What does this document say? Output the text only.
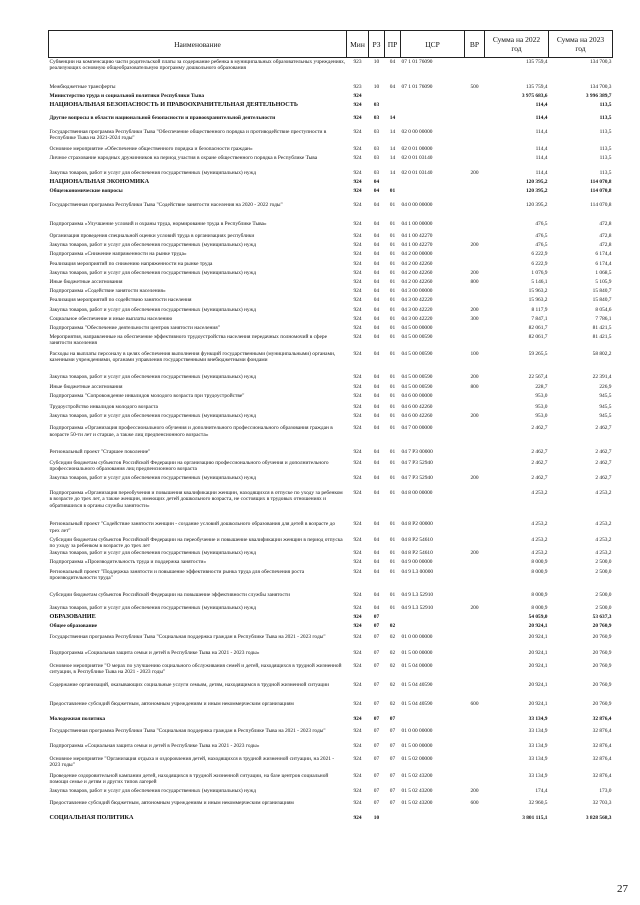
Наименование	Мин	РЗ	ПР	ЦСР	ВР	Сумма на 2022 год	Сумма на 2023 год
Субвенции на компенсацию части родительской платы за содержание ребенка в муниципальных образовательных учреждениях, реализующих основную общеобразовательную программу дошкольного образования	923	10	04	07 1 01 76090		135 759,4	134 700,3
Межбюджетные трансферты	923	10	04	07 1 01 76090	500	135 759,4	134 700,3
Министерство труда и социальной политики Республики Тыва	924					3 975 683,6	3 996 389,7
НАЦИОНАЛЬНАЯ БЕЗОПАСНОСТЬ И ПРАВООХРАНИТЕЛЬНАЯ ДЕЯТЕЛЬНОСТЬ	924	03				114,4	113,5
Другие вопросы в области национальной безопасности и правоохранительной деятельности	924	03	14			114,4	113,5
Государственная программа Республики Тыва "Обеспечение общественного порядка и противодействие преступности в Республике Тыва на 2021-2024 годы"	924	03	14	02 0 00 00000		114,4	113,5
Основное мероприятие «Обеспечение общественного порядка и безопасности граждан»	924	03	14	02 0 01 00000		114,4	113,5
Личное страхование народных дружинников на период участия в охране общественного порядка в Республике Тыва	924	03	14	02 0 01 03140		114,4	113,5
Закупка товаров, работ и услуг для обеспечения государственных (муниципальных) нужд	924	03	14	02 0 01 03140	200	114,4	113,5
НАЦИОНАЛЬНАЯ ЭКОНОМИКА	924	04				120 395,2	114 070,8
Общеэкономические вопросы	924	04	01			120 395,2	114 070,8
Государственная программа Республики Тыва "Содействие занятости населения на 2020 - 2022 годы"	924	04	01	04 0 00 00000		120 395,2	114 070,8
Подпрограмма «Улучшение условий и охраны труда, нормирование труда в Республике Тыва»	924	04	01	04 1 00 00000		476,5	472,8
Организация проведения специальной оценки условий труда в организациях республики	924	04	01	04 1 00 42270		476,5	472,8
Закупка товаров, работ и услуг для обеспечения государственных (муниципальных) нужд	924	04	01	04 1 00 42270	200	476,5	472,8
Подпрограмма «Снижение напряженности на рынке труда»	924	04	01	04 2 00 00000		6 222,9	6 174,4
Реализация мероприятий по снижению напряженности на рынке труда	924	04	01	04 2 00 42260		6 222,9	6 174,4
Закупка товаров, работ и услуг для обеспечения государственных (муниципальных) нужд	924	04	01	04 2 00 42260	200	1 076,9	1 068,5
Иные бюджетные ассигнования	924	04	01	04 2 00 42260	800	5 146,1	5 105,9
Подпрограмма «Содействие занятости населения»	924	04	01	04 3 00 00000		15 963,2	15 840,7
Реализация мероприятий по содействию занятости населения	924	04	01	04 3 00 42220		15 963,2	15 840,7
Закупка товаров, работ и услуг для обеспечения государственных (муниципальных) нужд	924	04	01	04 3 00 42220	200	8 117,9	8 054,6
Социальное обеспечение и иные выплаты населению	924	04	01	04 3 00 42220	300	7 847,1	7 786,1
Подпрограмма "Обеспечение деятельности центров занятости населения"	924	04	01	04 5 00 00000		82 061,7	81 421,5
Мероприятия, направленные на обеспечение эффективного трудоустройства населения передачных полномочий в сфере занятости населения	924	04	01	04 5 00 00590		82 061,7	81 421,5
Расходы на выплаты персоналу в целях обеспечения выполнения функций государственными (муниципальными) органами, казенными учреждениями, органами управления государственными внебюджетными фондами	924	04	01	04 5 00 00590	100	59 265,5	58 802,2
Закупка товаров, работ и услуг для обеспечения государственных (муниципальных) нужд	924	04	01	04 5 00 00590	200	22 567,4	22 391,4
Иные бюджетные ассигнования	924	04	01	04 5 00 00590	800	228,7	226,9
Подпрограмма "Сопровождение инвалидов молодого возраста при трудоустройстве"	924	04	01	04 6 00 00000		953,0	945,5
Трудоустройство инвалидов молодого возраста	924	04	01	04 6 00 42260		953,0	945,5
Закупка товаров, работ и услуг для обеспечения государственных (муниципальных) нужд	924	04	01	04 6 00 42260	200	953,0	945,5
Подпрограмма «Организация профессионального обучения и дополнительного профессионального образования граждан в возрасте 50-ти лет и старше, а также лиц предпенсионного возраста»	924	04	01	04 7 00 00000		2 462,7	2 462,7
Региональный проект "Старшее поколение"	924	04	01	04 7 P3 00000		2 462,7	2 462,7
Субсидии бюджетам субъектов Российской Федерации на организацию профессионального обучения и дополнительного профессионального образования лиц предпенсионного возраста	924	04	01	04 7 P3 52940		2 462,7	2 462,7
Закупка товаров, работ и услуг для обеспечения государственных (муниципальных) нужд	924	04	01	04 7 P3 52940	200	2 462,7	2 462,7
Подпрограмма «Организация переобучения и повышения квалификации женщин, находящихся в отпуске по уходу за ребенком в возрасте до трех лет, а также женщин, имеющих детей дошкольного возраста, не состоящих в трудовых отношениях и обратившихся в органы службы занятости»	924	04	01	04 8 00 00000		4 253,2	4 253,2
Региональный проект "Содействие занятости женщин - создание условий дошкольного образования для детей в возрасте до трех лет"	924	04	01	04 8 P2 00000		4 253,2	4 253,2
Субсидии бюджетам субъектов Российской Федерации на переобучение и повышение квалификации женщин в период отпуска по уходу за ребенком в возрасте до трех лет	924	04	01	04 8 P2 54610		4 253,2	4 253,2
Закупка товаров, работ и услуг для обеспечения государственных (муниципальных) нужд	924	04	01	04 8 P2 54610	200	4 253,2	4 253,2
Подпрограмма «Производительность труда и поддержка занятости»	924	04	01	04 9 00 00000		8 000,9	2 500,0
Региональный проект "Поддержка занятости и повышение эффективности рынка труда для обеспечения роста производительности труда"	924	04	01	04 9 L3 00000		8 000,9	2 500,0
Субсидии бюджетам субъектов Российской Федерации на повышение эффективности службы занятости	924	04	01	04 9 L3 52910		8 000,9	2 500,0
Закупка товаров, работ и услуг для обеспечения государственных (муниципальных) нужд	924	04	01	04 9 L3 52910	200	8 000,9	2 500,0
ОБРАЗОВАНИЕ	924	07				54 059,0	53 637,3
Общее образование	924	07	02			20 924,1	20 760,9
Государственная программа Республики Тыва "Социальная поддержка граждан в Республике Тыва на 2021 - 2023 годы"	924	07	02	01 0 00 00000		20 924,1	20 760,9
Подпрограмма «Социальная защита семьи и детей в Республике Тыва на 2021 - 2023 годы»	924	07	02	01 5 00 00000		20 924,1	20 760,9
Основное мероприятие "О мерах по улучшению социального обслуживания семей и детей, находящихся в трудной жизненной ситуации, в Республике Тыва на 2021 - 2023 годы"	924	07	02	01 5 04 00000		20 924,1	20 760,9
Содержание организаций, оказывающих социальные услуги семьям, детям, находящимся в трудной жизненной ситуации	924	07	02	01 5 04 40590		20 924,1	20 760,9
Предоставление субсидий бюджетным, автономным учреждениям и иным некоммерческим организациям	924	07	02	01 5 04 40590	600	20 924,1	20 760,9
Молодежная политика	924	07	07			33 134,9	32 876,4
Государственная программа Республики Тыва "Социальная поддержка граждан в Республике Тыва на 2021 - 2023 годы"	924	07	07	01 0 00 00000		33 134,9	32 876,4
Подпрограмма «Социальная защита семьи и детей в Республике Тыва на 2021 - 2023 годы»	924	07	07	01 5 00 00000		33 134,9	32 876,4
Основное мероприятие "Организация отдыха и оздоровления детей, находящихся в трудной жизненной ситуации, на 2021 - 2023 годы"	924	07	07	01 5 02 00000		33 134,9	32 876,4
Проведение оздоровительной кампании детей, находящихся в трудной жизненной ситуации, на базе центров социальной помощи семье и детям и других типов лагерей	924	07	07	01 5 02 43200		33 134,9	32 876,4
Закупка товаров, работ и услуг для обеспечения государственных (муниципальных) нужд	924	07	07	01 5 02 43200	200	174,4	173,0
Предоставление субсидий бюджетным, автономным учреждениям и иным некоммерческим организациям	924	07	07	01 5 02 43200	600	32 960,5	32 703,3
СОЦИАЛЬНАЯ ПОЛИТИКА	924	10				3 801 115,1	3 828 568,3
27
